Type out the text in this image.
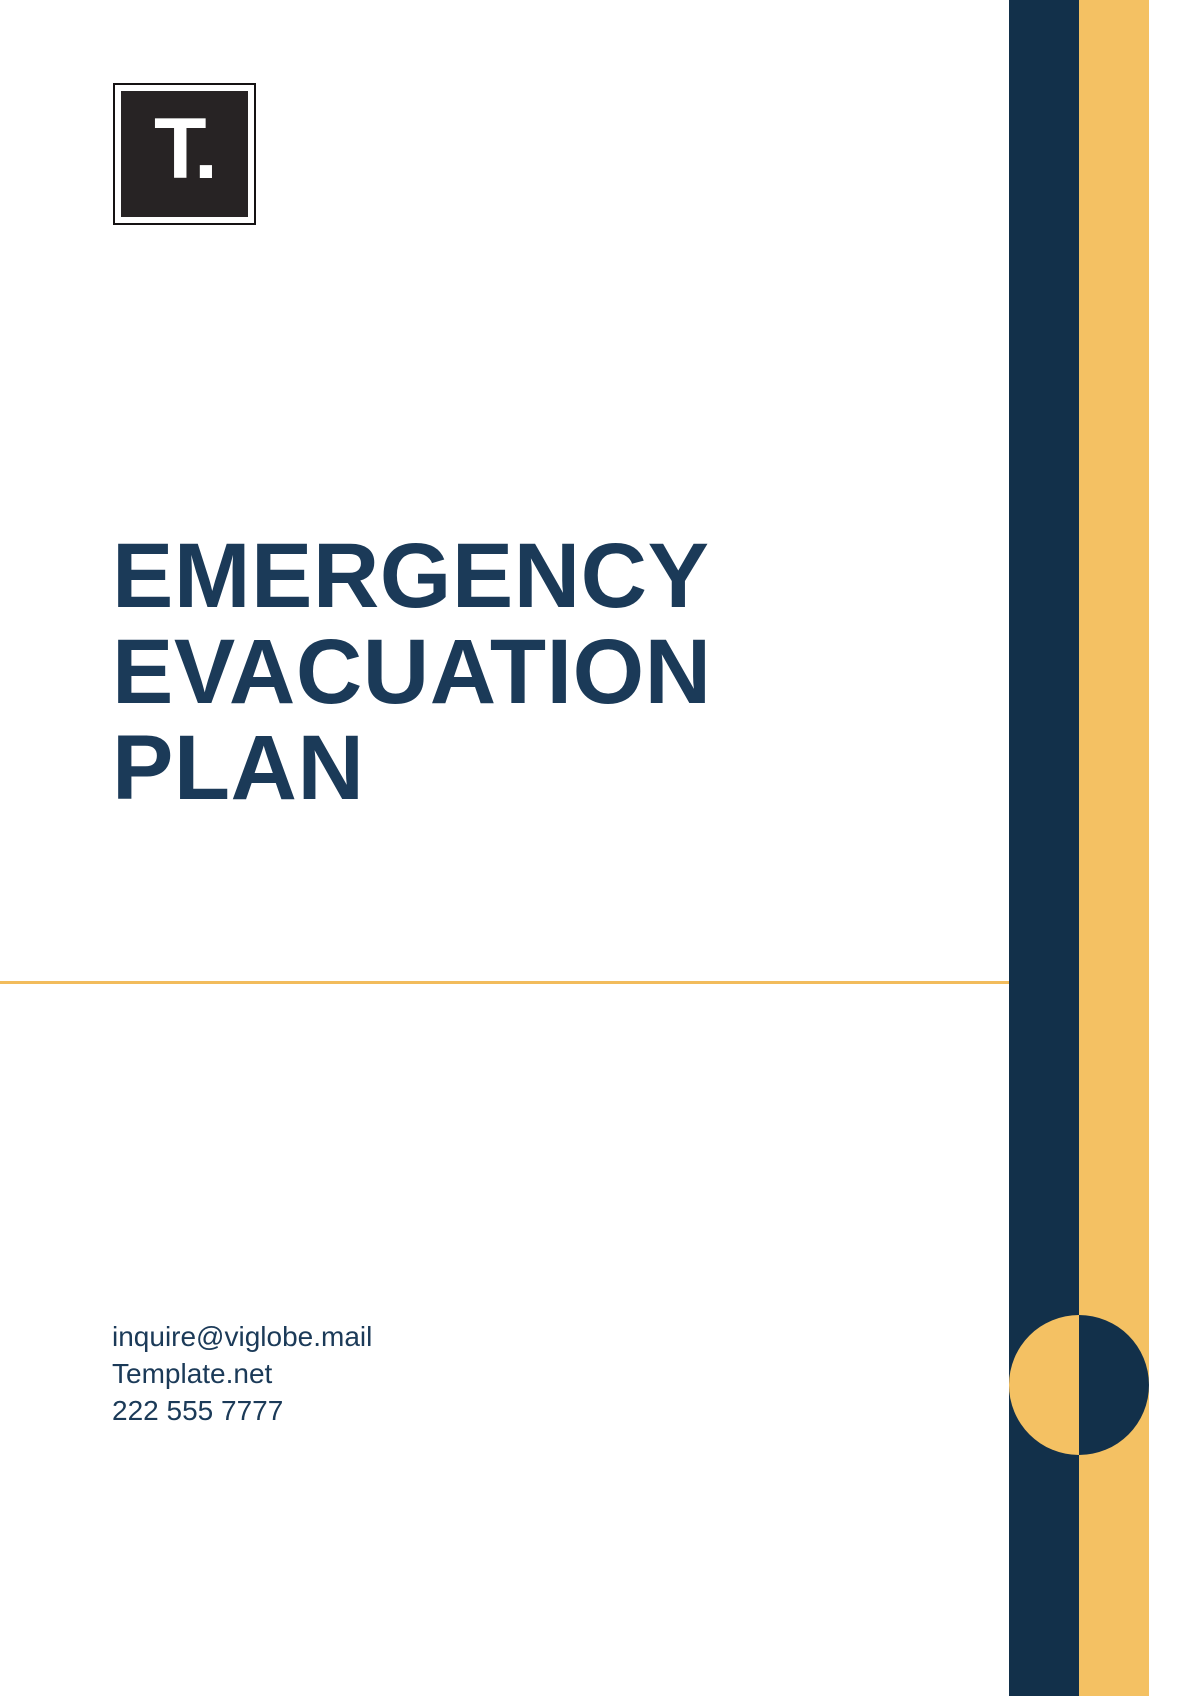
T.
EMERGENCY
EVACUATION
PLAN
inquire@viglobe.mail
Template.net
222 555 7777
